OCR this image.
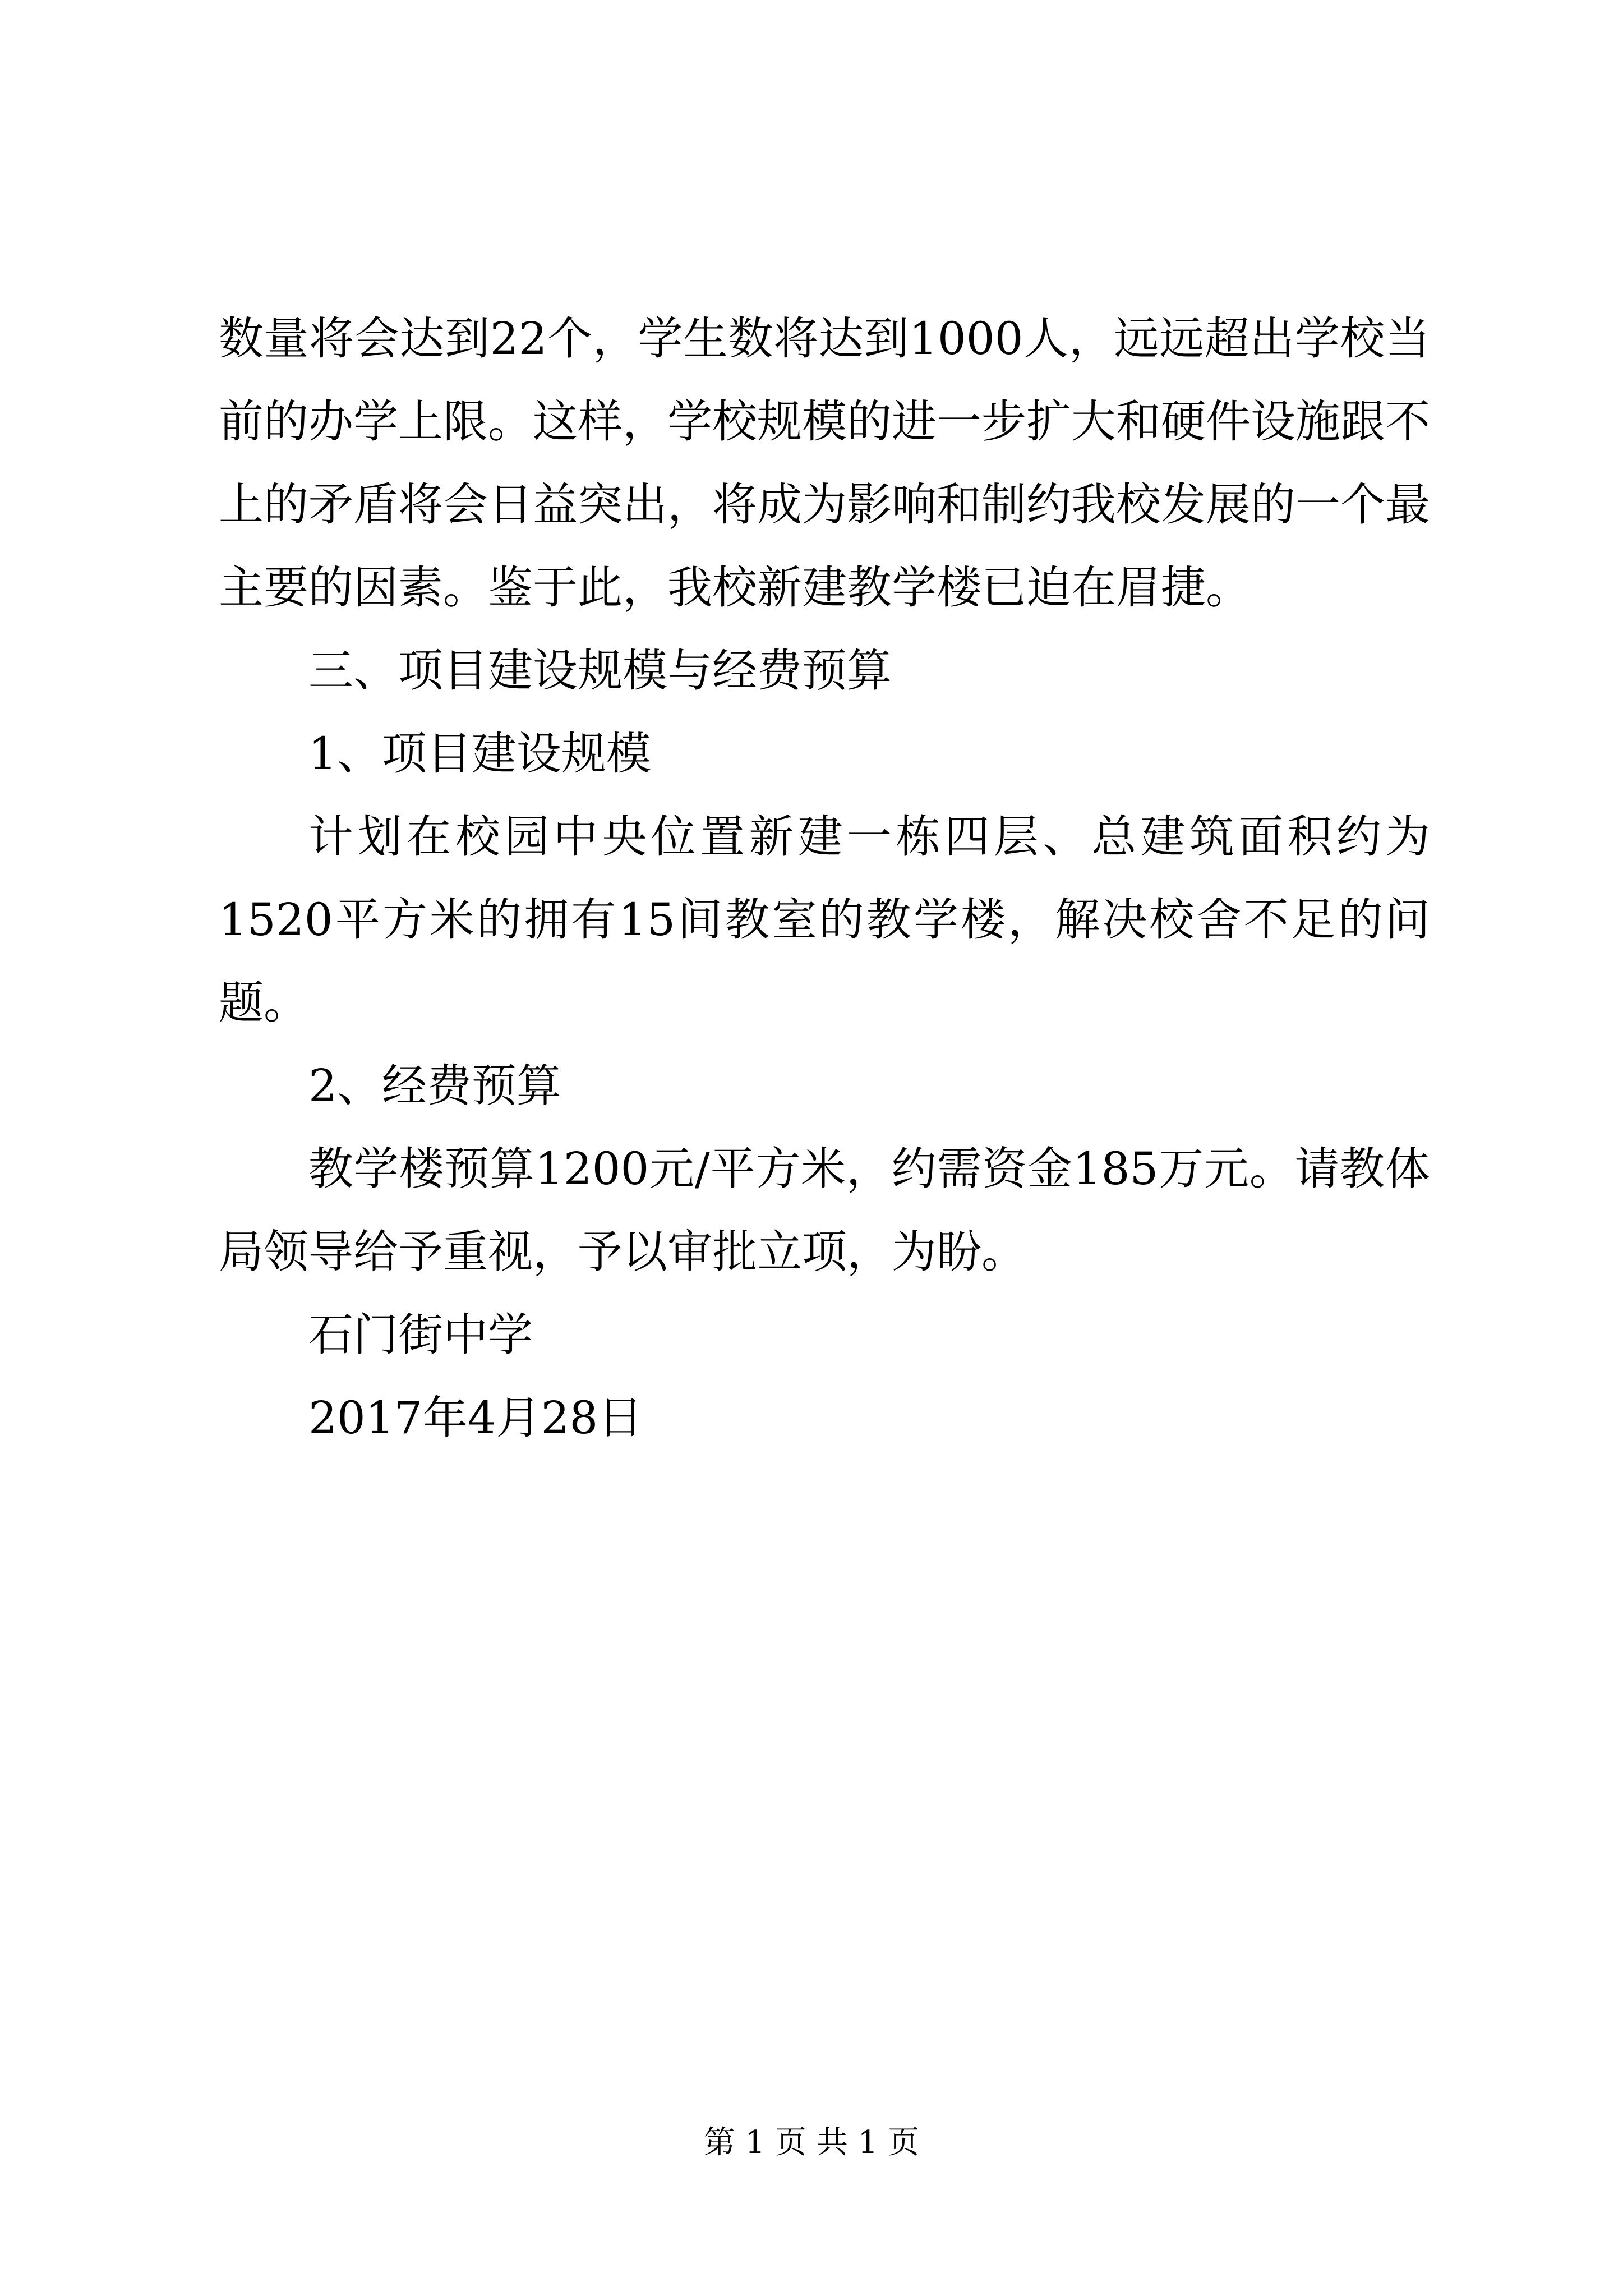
数量将会达到22个，学生数将达到1000人，远远超出学校当前的办学上限。这样，学校规模的进一步扩大和硬件设施跟不上的矛盾将会日益突出，将成为影响和制约我校发展的一个最主要的因素。鉴于此，我校新建教学楼已迫在眉捷。

三、项目建设规模与经费预算

1、项目建设规模

计划在校园中央位置新建一栋四层、总建筑面积约为1520平方米的拥有15间教室的教学楼，解决校舍不足的问题。

2、经费预算

教学楼预算1200元/平方米，约需资金185万元。请教体局领导给予重视，予以审批立项，为盼。

石门街中学

2017年4月28日

第 1 页 共 1 页
